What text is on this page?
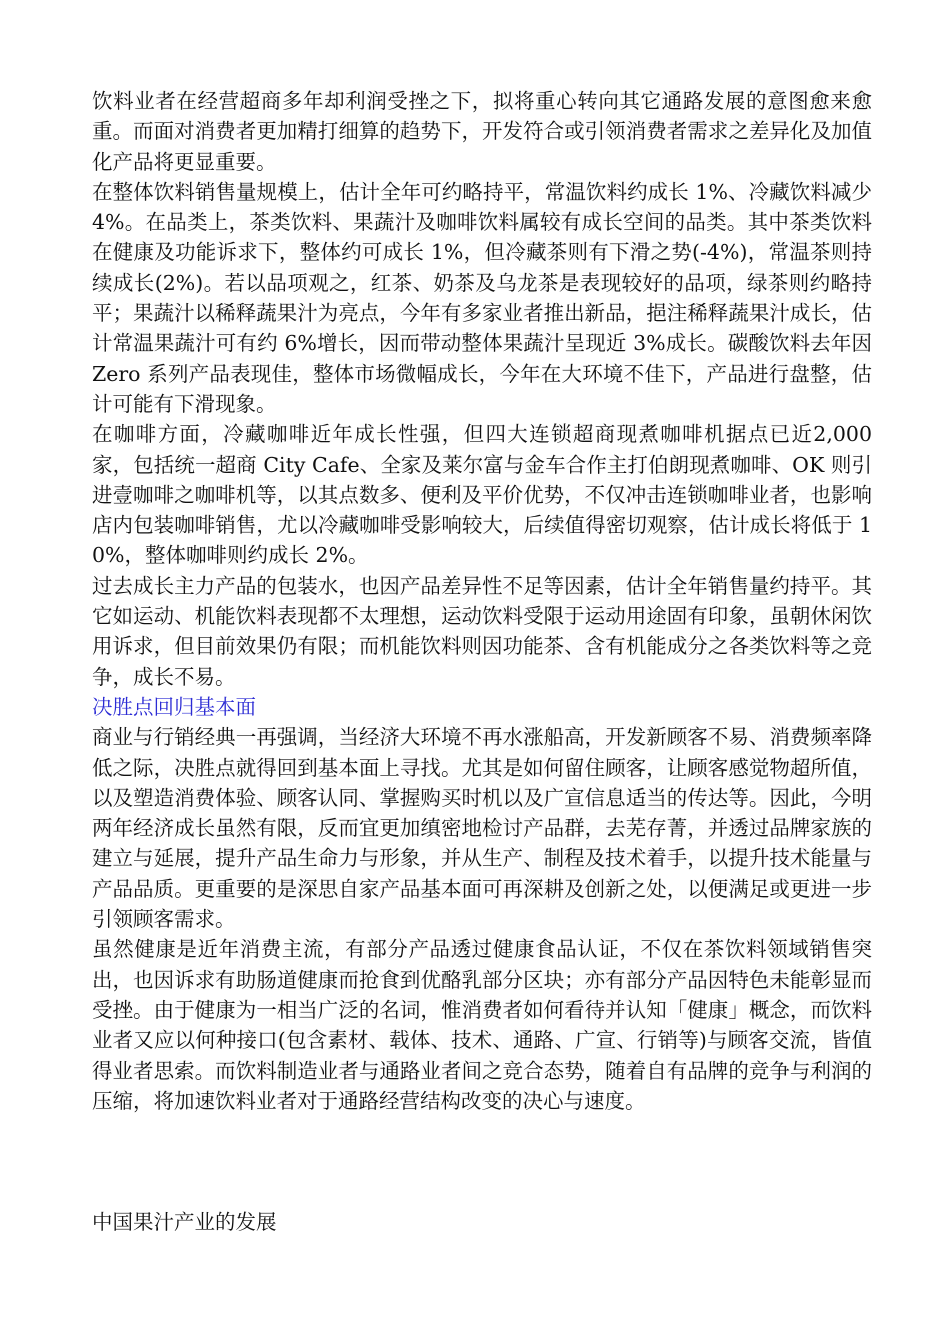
饮料业者在经营超商多年却利润受挫之下，拟将重心转向其它通路发展的意图愈来愈重。而面对消费者更加精打细算的趋势下，开发符合或引领消费者需求之差异化及加值化产品将更显重要。

在整体饮料销售量规模上，估计全年可约略持平，常温饮料约成长 1%、冷藏饮料减少 4%。在品类上，茶类饮料、果蔬汁及咖啡饮料属较有成长空间的品类。其中茶类饮料在健康及功能诉求下，整体约可成长 1%，但冷藏茶则有下滑之势(-4%)，常温茶则持续成长(2%)。若以品项观之，红茶、奶茶及乌龙茶是表现较好的品项，绿茶则约略持平；果蔬汁以稀释蔬果汁为亮点，今年有多家业者推出新品，挹注稀释蔬果汁成长，估计常温果蔬汁可有约 6%增长，因而带动整体果蔬汁呈现近 3%成长。碳酸饮料去年因 Zero 系列产品表现佳，整体市场微幅成长，今年在大环境不佳下，产品进行盘整，估计可能有下滑现象。

在咖啡方面，冷藏咖啡近年成长性强，但四大连锁超商现煮咖啡机据点已近2,000 家，包括统一超商 City Cafe、全家及莱尔富与金车合作主打伯朗现煮咖啡、OK 则引进壹咖啡之咖啡机等，以其点数多、便利及平价优势，不仅冲击连锁咖啡业者，也影响店内包装咖啡销售，尤以冷藏咖啡受影响较大，后续值得密切观察，估计成长将低于 10%，整体咖啡则约成长 2%。

过去成长主力产品的包装水，也因产品差异性不足等因素，估计全年销售量约持平。其它如运动、机能饮料表现都不太理想，运动饮料受限于运动用途固有印象，虽朝休闲饮用诉求，但目前效果仍有限；而机能饮料则因功能茶、含有机能成分之各类饮料等之竞争，成长不易。

决胜点回归基本面

商业与行销经典一再强调，当经济大环境不再水涨船高，开发新顾客不易、消费频率降低之际，决胜点就得回到基本面上寻找。尤其是如何留住顾客，让顾客感觉物超所值，以及塑造消费体验、顾客认同、掌握购买时机以及广宣信息适当的传达等。因此，今明两年经济成长虽然有限，反而宜更加缜密地检讨产品群，去芜存菁，并透过品牌家族的建立与延展，提升产品生命力与形象，并从生产、制程及技术着手，以提升技术能量与产品品质。更重要的是深思自家产品基本面可再深耕及创新之处，以便满足或更进一步引领顾客需求。

虽然健康是近年消费主流，有部分产品透过健康食品认证，不仅在茶饮料领域销售突出，也因诉求有助肠道健康而抢食到优酪乳部分区块；亦有部分产品因特色未能彰显而受挫。由于健康为一相当广泛的名词，惟消费者如何看待并认知「健康」概念，而饮料业者又应以何种接口(包含素材、载体、技术、通路、广宣、行销等)与顾客交流，皆值得业者思索。而饮料制造业者与通路业者间之竞合态势，随着自有品牌的竞争与利润的压缩，将加速饮料业者对于通路经营结构改变的决心与速度。

中国果汁产业的发展
